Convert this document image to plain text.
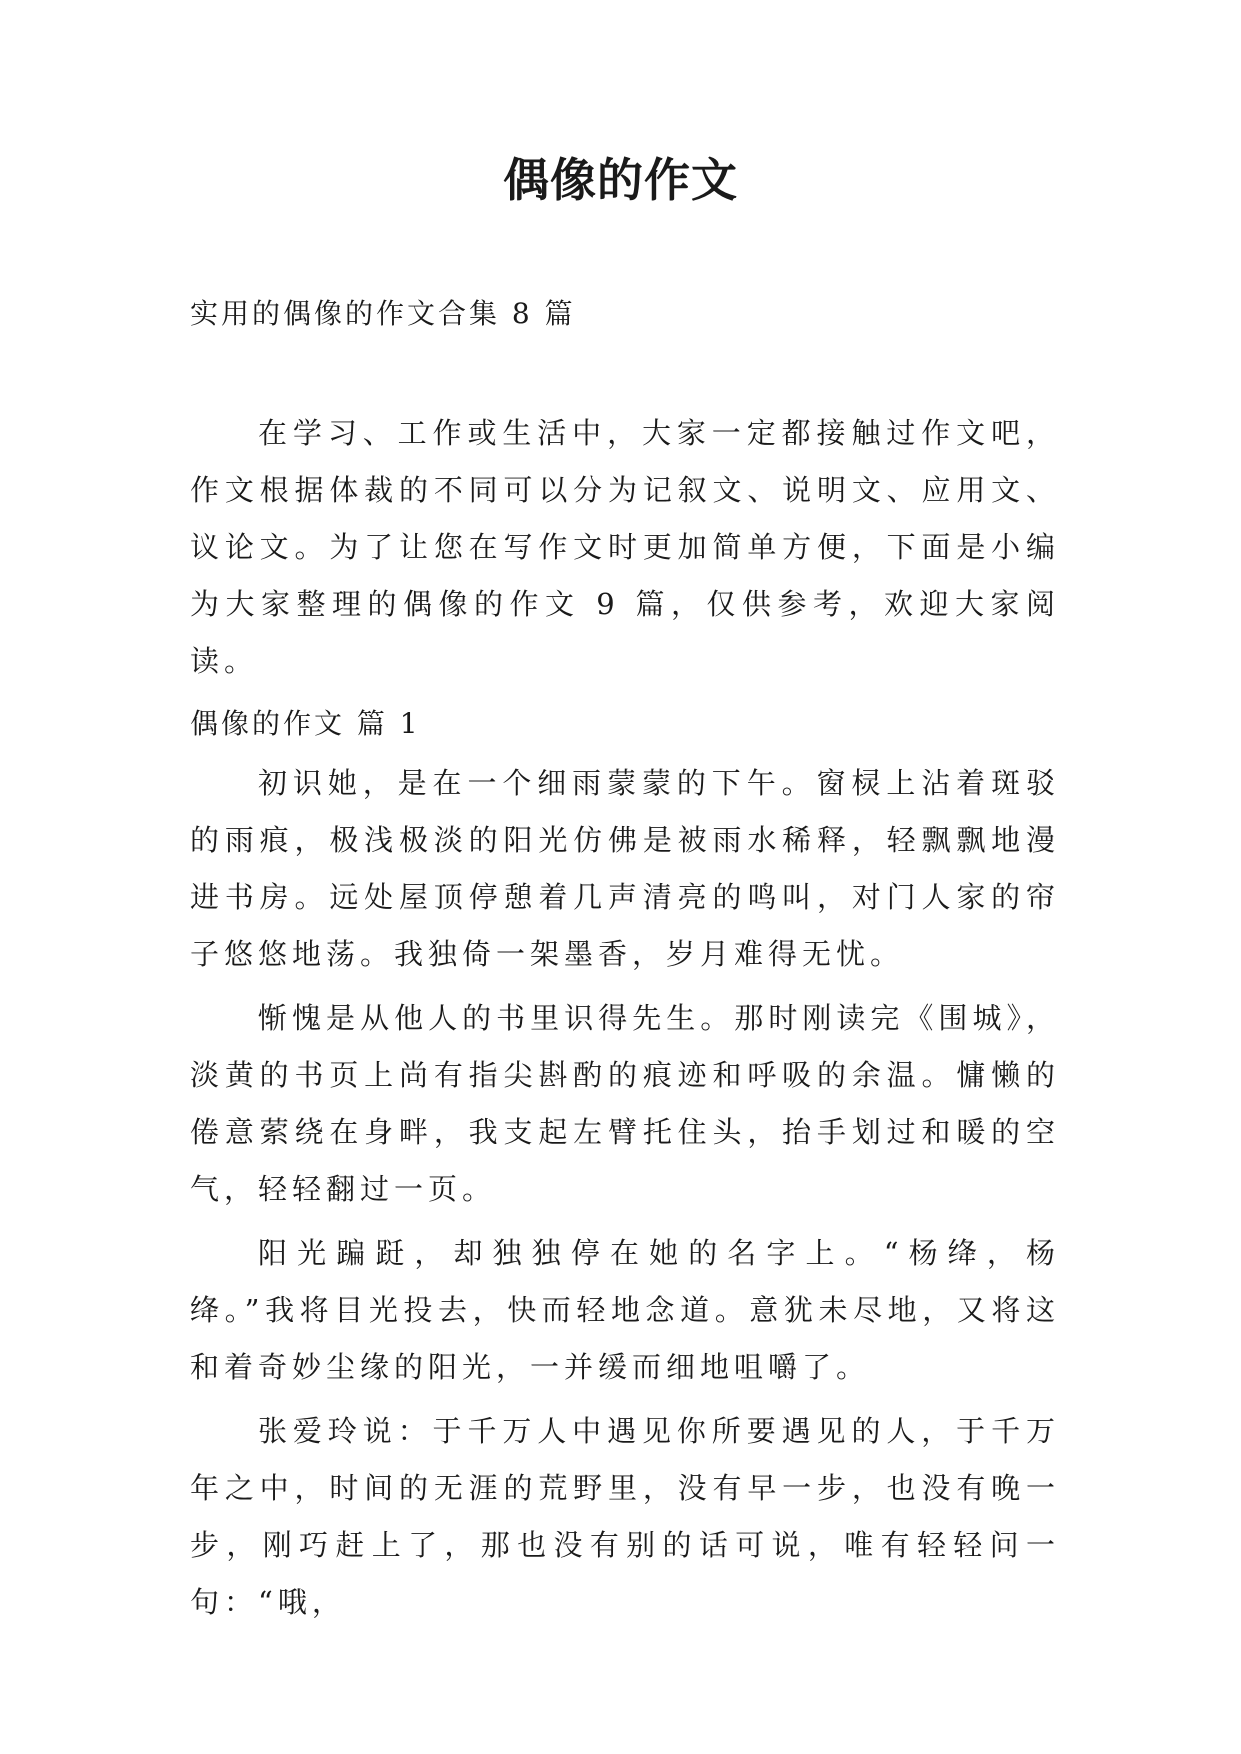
偶像的作文
实用的偶像的作文合集 8 篇

在学习、工作或生活中，大家一定都接触过作文吧，作文根据体裁的不同可以分为记叙文、说明文、应用文、议论文。为了让您在写作文时更加简单方便，下面是小编为大家整理的偶像的作文 9 篇，仅供参考，欢迎大家阅读。

偶像的作文 篇 1

初识她，是在一个细雨蒙蒙的下午。窗棂上沾着斑驳的雨痕，极浅极淡的阳光仿佛是被雨水稀释，轻飘飘地漫进书房。远处屋顶停憩着几声清亮的鸣叫，对门人家的帘子悠悠地荡。我独倚一架墨香，岁月难得无忧。

惭愧是从他人的书里识得先生。那时刚读完《围城》，淡黄的书页上尚有指尖斟酌的痕迹和呼吸的余温。慵懒的倦意萦绕在身畔，我支起左臂托住头，抬手划过和暖的空气，轻轻翻过一页。

阳光蹁跹，却独独停在她的名字上。“杨绛，杨绛。”我将目光投去，快而轻地念道。意犹未尽地，又将这和着奇妙尘缘的阳光，一并缓而细地咀嚼了。

张爱玲说：于千万人中遇见你所要遇见的人，于千万年之中，时间的无涯的荒野里，没有早一步，也没有晚一步，刚巧赶上了，那也没有别的话可说，唯有轻轻问一句：“哦，
